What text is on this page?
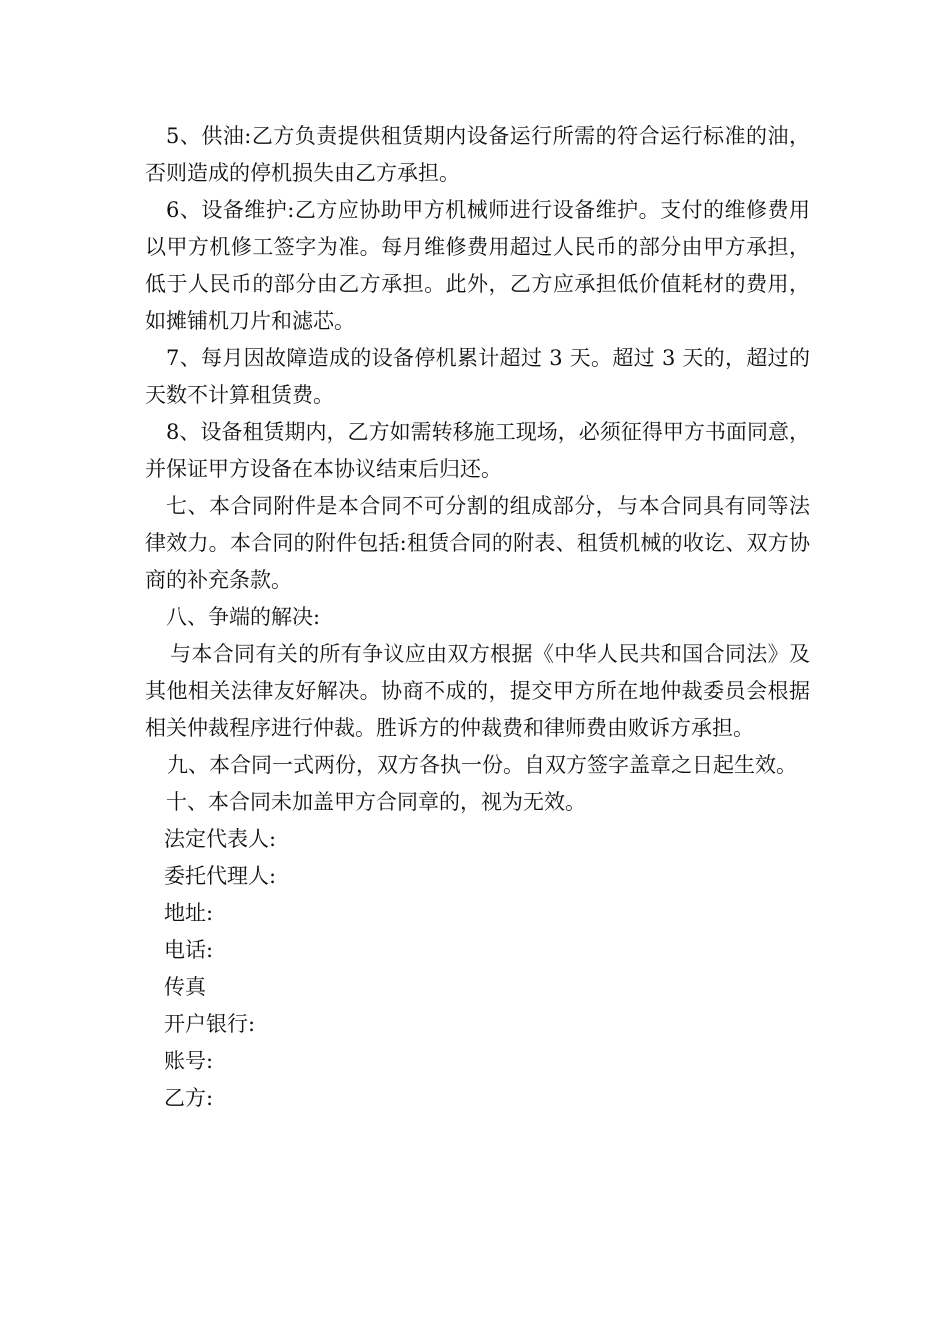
5、供油:乙方负责提供租赁期内设备运行所需的符合运行标准的油，否则造成的停机损失由乙方承担。

6、设备维护:乙方应协助甲方机械师进行设备维护。支付的维修费用以甲方机修工签字为准。每月维修费用超过人民币的部分由甲方承担，低于人民币的部分由乙方承担。此外，乙方应承担低价值耗材的费用，如摊铺机刀片和滤芯。

7、每月因故障造成的设备停机累计超过 3 天。超过 3 天的，超过的天数不计算租赁费。

8、设备租赁期内，乙方如需转移施工现场，必须征得甲方书面同意，并保证甲方设备在本协议结束后归还。

七、本合同附件是本合同不可分割的组成部分，与本合同具有同等法律效力。本合同的附件包括:租赁合同的附表、租赁机械的收讫、双方协商的补充条款。

八、争端的解决:

与本合同有关的所有争议应由双方根据《中华人民共和国合同法》及其他相关法律友好解决。协商不成的，提交甲方所在地仲裁委员会根据相关仲裁程序进行仲裁。胜诉方的仲裁费和律师费由败诉方承担。

九、本合同一式两份，双方各执一份。自双方签字盖章之日起生效。

十、本合同未加盖甲方合同章的，视为无效。

法定代表人:

委托代理人:

地址:

电话:

传真

开户银行:

账号:

乙方:
